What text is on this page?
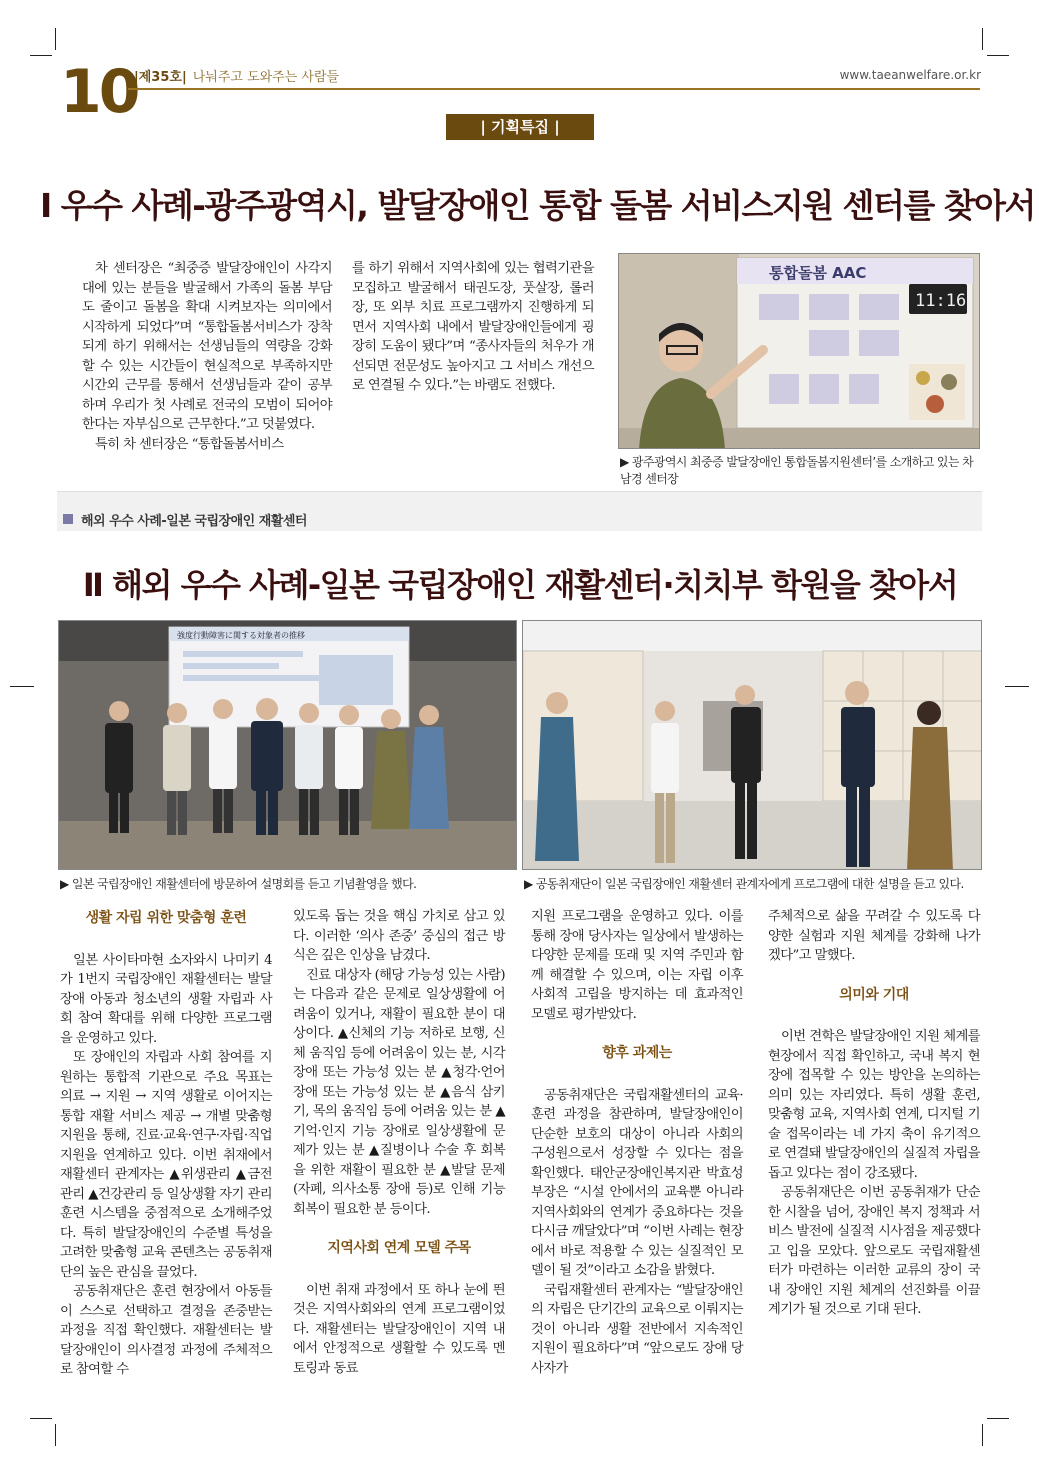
10
|제35호| 나눠주고 도와주는 사람들	www.taeanwelfare.or.kr
| 기획특집 |
Ⅰ 우수 사례-광주광역시, 발달장애인 통합 돌봄 서비스지원 센터를 찾아서

차 센터장은 “최중증 발달장애인이 사각지대에 있는 분들을 발굴해서 가족의 돌봄 부담도 줄이고 돌봄을 확대 시켜보자는 의미에서 시작하게 되었다”며 “통합돌봄서비스가 장착되게 하기 위해서는 선생님들의 역량을 강화할 수 있는 시간들이 현실적으로 부족하지만 시간외 근무를 통해서 선생님들과 같이 공부하며 우리가 첫 사례로 전국의 모범이 되어야 한다는 자부심으로 근무한다.”고 덧붙였다.

특히 차 센터장은 “통합돌봄서비스

를 하기 위해서 지역사회에 있는 협력기관을 모집하고 발굴해서 태권도장, 풋살장, 롤러장, 또 외부 치료 프로그램까지 진행하게 되면서 지역사회 내에서 발달장애인들에게 굉장히 도움이 됐다”며 “종사자들의 처우가 개선되면 전문성도 높아지고 그 서비스 개선으로 연결될 수 있다.”는 바램도 전했다.

통합돌봄 AAC
11:16
▶ 광주광역시 최중증 발달장애인 통합돌봄지원센터’를 소개하고 있는 차남경 센터장
해외 우수 사례-일본 국립장애인 재활센터
Ⅱ 해외 우수 사례-일본 국립장애인 재활센터·치치부 학원을 찾아서
強度行動障害に関する対象者の推移
▶ 일본 국립장애인 재활센터에 방문하여 설명회를 듣고 기념촬영을 했다.	▶ 공동취재단이 일본 국립장애인 재활센터 관계자에게 프로그램에 대한 설명을 듣고 있다.
생활 자립 위한 맞춤형 훈련

일본 사이타마현 소자와시 나미키 4가 1번지 국립장애인 재활센터는 발달 장애 아동과 청소년의 생활 자립과 사회 참여 확대를 위해 다양한 프로그램을 운영하고 있다.

또 장애인의 자립과 사회 참여를 지원하는 통합적 기관으로 주요 목표는 의료 → 지원 → 지역 생활로 이어지는 통합 재활 서비스 제공 → 개별 맞춤형 지원을 통해, 진료·교육·연구·자립·직업 지원을 연계하고 있다. 이번 취재에서 재활센터 관계자는 ▲위생관리 ▲금전관리 ▲건강관리 등 일상생활 자기 관리 훈련 시스템을 중점적으로 소개해주었다. 특히 발달장애인의 수준별 특성을 고려한 맞춤형 교육 콘텐츠는 공동취재단의 높은 관심을 끌었다.

공동취재단은 훈련 현장에서 아동들이 스스로 선택하고 결정을 존중받는 과정을 직접 확인했다. 재활센터는 발달장애인이 의사결정 과정에 주체적으로 참여할 수

있도록 돕는 것을 핵심 가치로 삼고 있다. 이러한 ‘의사 존중’ 중심의 접근 방식은 깊은 인상을 남겼다.

진료 대상자 (해당 가능성 있는 사람)는 다음과 같은 문제로 일상생활에 어려움이 있거나, 재활이 필요한 분이 대상이다. ▲신체의 기능 저하로 보행, 신체 움직임 등에 어려움이 있는 분, 시각 장애 또는 가능성 있는 분 ▲청각·언어 장애 또는 가능성 있는 분 ▲음식 삼키기, 목의 움직임 등에 어려움 있는 분 ▲기억·인지 기능 장애로 일상생활에 문제가 있는 분 ▲질병이나 수술 후 회복을 위한 재활이 필요한 분 ▲발달 문제(자폐, 의사소통 장애 등)로 인해 기능 회복이 필요한 분 등이다.

지역사회 연계 모델 주목

이번 취재 과정에서 또 하나 눈에 띈 것은 지역사회와의 연계 프로그램이었다. 재활센터는 발달장애인이 지역 내에서 안정적으로 생활할 수 있도록 멘토링과 동료

지원 프로그램을 운영하고 있다. 이를 통해 장애 당사자는 일상에서 발생하는 다양한 문제를 또래 및 지역 주민과 함께 해결할 수 있으며, 이는 자립 이후 사회적 고립을 방지하는 데 효과적인 모델로 평가받았다.

향후 과제는

공동취재단은 국립재활센터의 교육·훈련 과정을 참관하며, 발달장애인이 단순한 보호의 대상이 아니라 사회의 구성원으로서 성장할 수 있다는 점을 확인했다. 태안군장애인복지관 박효성 부장은 “시설 안에서의 교육뿐 아니라 지역사회와의 연계가 중요하다는 것을 다시금 깨달았다”며 “이번 사례는 현장에서 바로 적용할 수 있는 실질적인 모델이 될 것”이라고 소감을 밝혔다.

국립재활센터 관계자는 “발달장애인의 자립은 단기간의 교육으로 이뤄지는 것이 아니라 생활 전반에서 지속적인 지원이 필요하다”며 “앞으로도 장애 당사자가

주체적으로 삶을 꾸려갈 수 있도록 다양한 실험과 지원 체계를 강화해 나가겠다”고 말했다.

의미와 기대

이번 견학은 발달장애인 지원 체계를 현장에서 직접 확인하고, 국내 복지 현장에 접목할 수 있는 방안을 논의하는 의미 있는 자리였다. 특히 생활 훈련, 맞춤형 교육, 지역사회 연계, 디지털 기술 접목이라는 네 가지 축이 유기적으로 연결돼 발달장애인의 실질적 자립을 돕고 있다는 점이 강조됐다.

공동취재단은 이번 공동취재가 단순한 시찰을 넘어, 장애인 복지 정책과 서비스 발전에 실질적 시사점을 제공했다고 입을 모았다. 앞으로도 국립재활센터가 마련하는 이러한 교류의 장이 국내 장애인 지원 체계의 선진화를 이끌 계기가 될 것으로 기대 된다.
